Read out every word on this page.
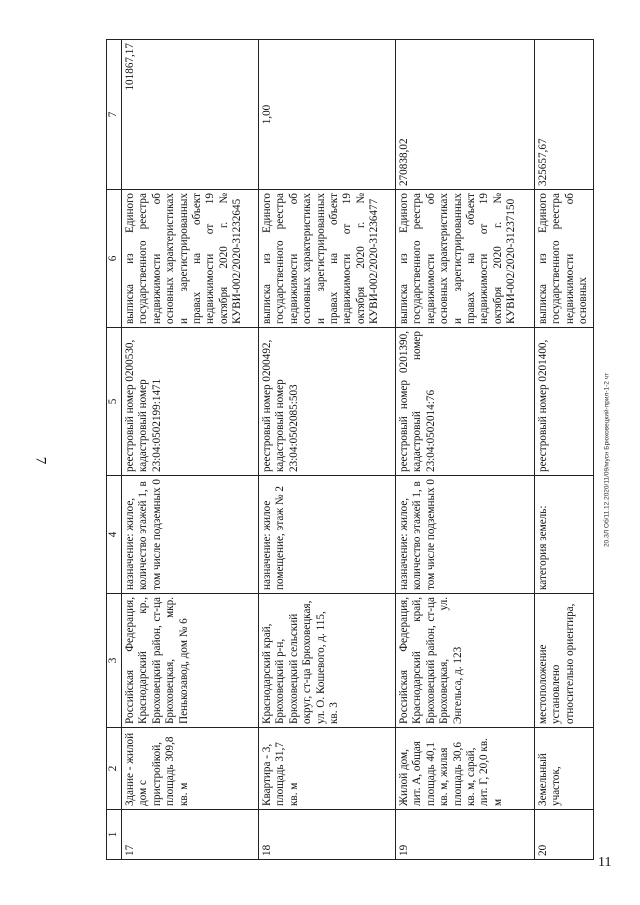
7	20.ЗЛ Об/11.12.2020/11/09/мусн Брюховецкий-прил-1-2 чт
11
1	2	3	4	5	6	7
17	Здание - жилой дом с пристройкой, площадь 309,8 кв. м	Российская Федерация, Краснодарский кр., Брюховецкий район, ст-ца Брюховецкая, мкр. Пенькозавод, дом № 6	назначение: жилое, количество этажей 1, в том числе подземных 0	реестровый номер 0200530, кадастровый номер 23:04:0502199:1471	выписка из Единого государственного реестра недвижимости об основных характеристиках и зарегистрированных правах на объект недвижимости от 19 октября 2020 г. № КУВИ-002/2020-31232645	101867,17
18	Квартира - 3, площадь 31,7 кв. м	Краснодарский край, Брюховецкий р-н, Брюховецкий сельский округ, ст-ца Брюховецкая, ул. О. Кошевого, д. 115, кв. 3	назначение: жилое помещение, этаж № 2	реестровый номер 0200492, кадастровый номер 23:04:0502085:503	выписка из Единого государственного реестра недвижимости об основных характеристиках и зарегистрированных правах на объект недвижимости от 19 октября 2020 г. № КУВИ-002/2020-31236477	1,00
19	Жилой дом, лит. А, общая площадь 40,1 кв. м, жилая площадь 30,6 кв. м, сарай, лит. Г, 20,0 кв. м	Российская Федерация, Краснодарский край, Брюховецкий район, ст-ца Брюховецкая, ул. Энгельса, д. 123	назначение: жилое, количество этажей 1, в том числе подземных 0	реестровый номер 0201390, кадастровый номер 23:04:0502014:76	выписка из Единого государственного реестра недвижимости об основных характеристиках и зарегистрированных правах на объект недвижимости от 19 октября 2020 г. № КУВИ-002/2020-31237150	270838,02
20	Земельный участок,	местоположение установлено относительно ориентира,	категория земель:	реестровый номер 0201400,	выписка из Единого государственного реестра недвижимости об основных	325657,67
